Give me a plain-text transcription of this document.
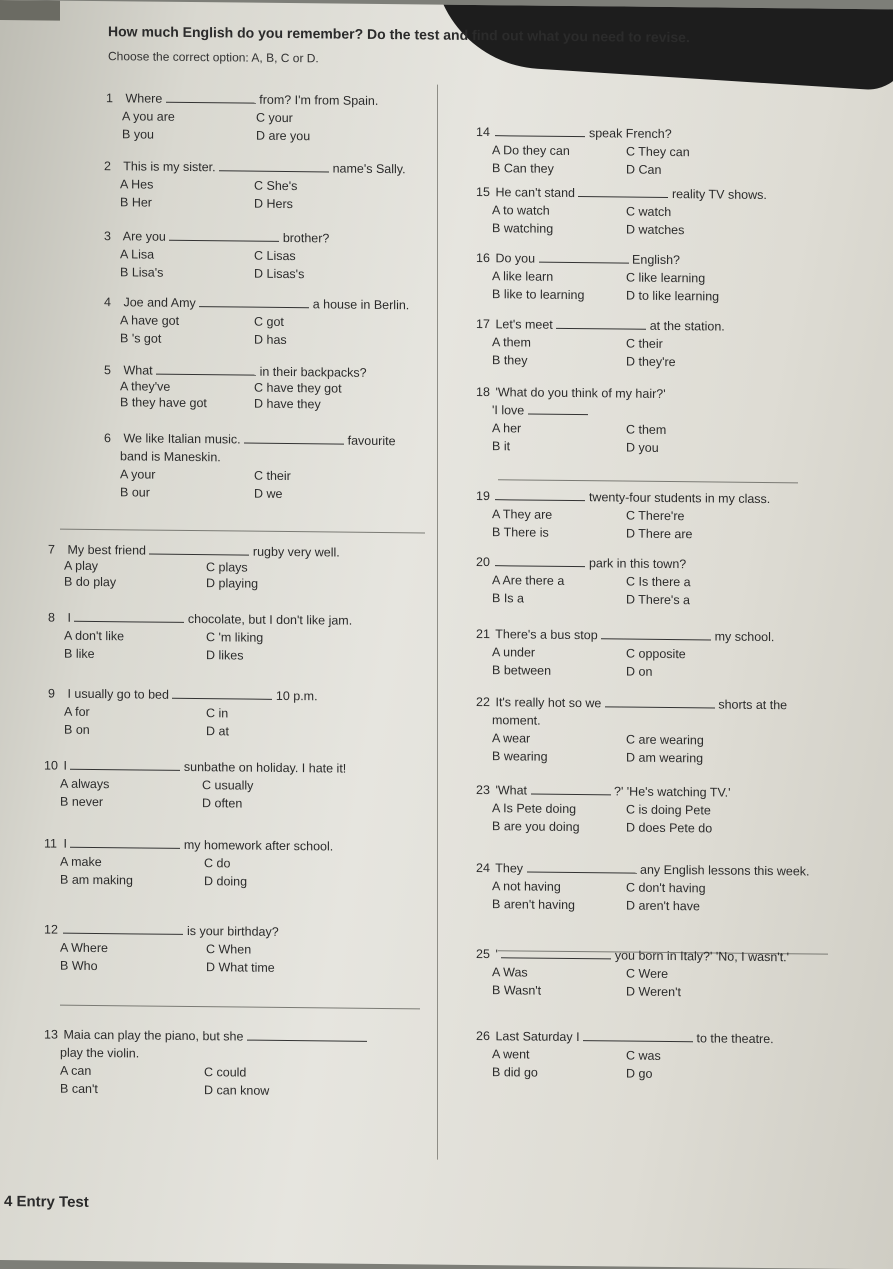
How much English do you remember? Do the test and find out what you need to revise.
Choose the correct option: A, B, C or D.
1 Where	from? I'm from Spain.
A you are	C your
B you	D are you
2 This is my sister.	name's Sally.
A Hes	C She's
B Her	D Hers
3 Are you	brother?
A Lisa	C Lisas
B Lisa's	D Lisas's
4 Joe and Amy	a house in Berlin.
A have got	C got
B 's got	D has
5 What	in their backpacks?
A they've	C have they got
B they have got	D have they
6 We like Italian music.	favourite
band is Maneskin.
A your	C their
B our	D we
7 My best friend	rugby very well.
A play	C plays
B do play	D playing
8 I	chocolate, but I don't like jam.
A don't like	C 'm liking
B like	D likes
9 I usually go to bed	10 p.m.
A for	C in
B on	D at
10 I	sunbathe on holiday. I hate it!
A always	C usually
B never	D often
11 I	my homework after school.
A make	C do
B am making	D doing
12	is your birthday?
A Where	C When
B Who	D What time
13 Maia can play the piano, but she
play the violin.
A can	C could
B can't	D can know
14	speak French?
A Do they can	C They can
B Can they	D Can
15 He can't stand	reality TV shows.
A to watch	C watch
B watching	D watches
16 Do you	English?
A like learn	C like learning
B like to learning	D to like learning
17 Let's meet	at the station.
A them	C their
B they	D they're
18 'What do you think of my hair?'
'I love
A her	C them
B it	D you
19	twenty-four students in my class.
A They are	C There're
B There is	D There are
20	park in this town?
A Are there a	C Is there a
B Is a	D There's a
21 There's a bus stop	my school.
A under	C opposite
B between	D on
22 It's really hot so we	shorts at the
moment.
A wear	C are wearing
B wearing	D am wearing
23 'What	?' 'He's watching TV.'
A Is Pete doing	C is doing Pete
B are you doing	D does Pete do
24 They	any English lessons this week.
A not having	C don't having
B aren't having	D aren't have
25 '	you born in Italy?' 'No, I wasn't.'
A Was	C Were
B Wasn't	D Weren't
26 Last Saturday I	to the theatre.
A went	C was
B did go	D go
4 Entry Test
